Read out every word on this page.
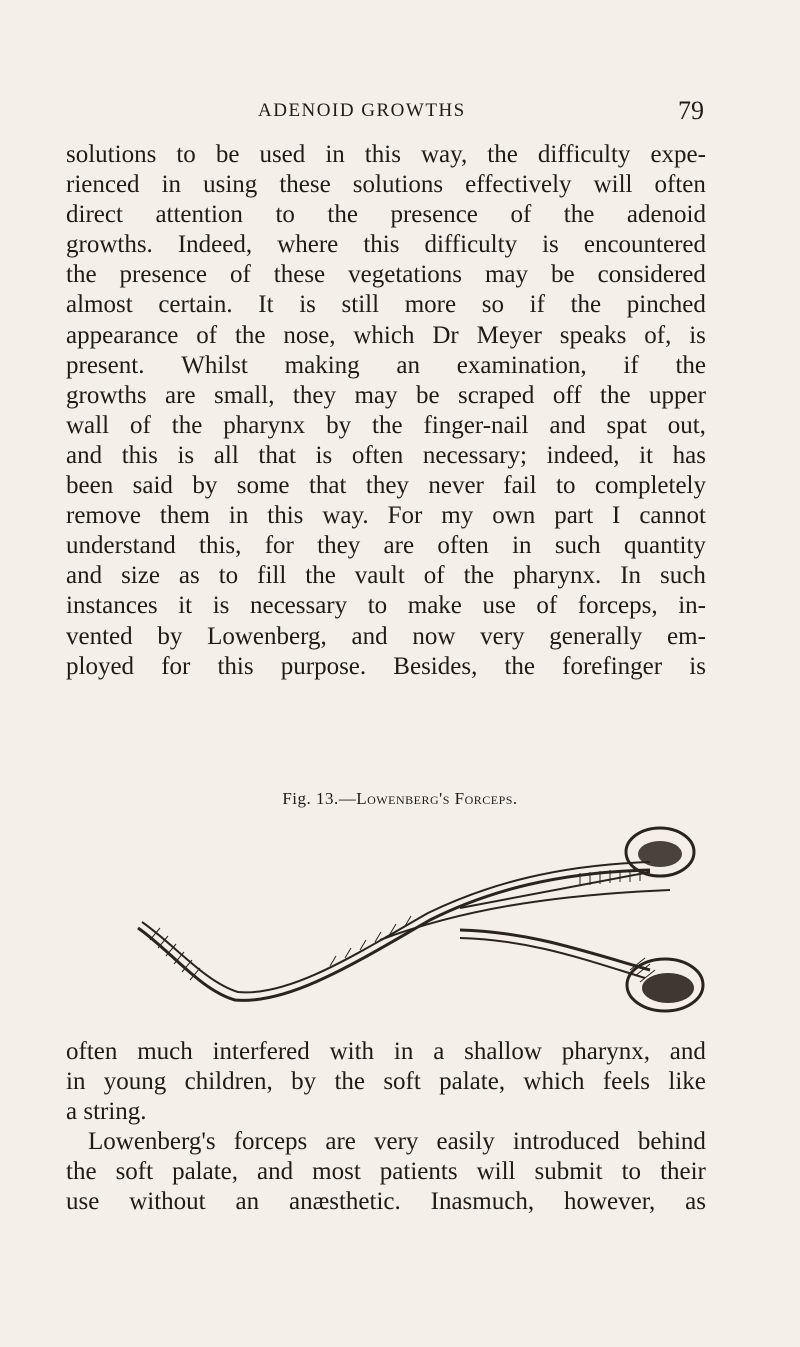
ADENOID GROWTHS	79
solutions to be used in this way, the difficulty expe-
rienced in using these solutions effectively will often
direct attention to the presence of the adenoid
growths. Indeed, where this difficulty is encountered
the presence of these vegetations may be considered
almost certain. It is still more so if the pinched
appearance of the nose, which Dr Meyer speaks of, is
present. Whilst making an examination, if the
growths are small, they may be scraped off the upper
wall of the pharynx by the finger-nail and spat out,
and this is all that is often necessary; indeed, it has
been said by some that they never fail to completely
remove them in this way. For my own part I cannot
understand this, for they are often in such quantity
and size as to fill the vault of the pharynx. In such
instances it is necessary to make use of forceps, in-
vented by Lowenberg, and now very generally em-
ployed for this purpose. Besides, the forefinger is
Fig. 13.—Lowenberg's Forceps.
often much interfered with in a shallow pharynx, and
in young children, by the soft palate, which feels like
a string.
Lowenberg's forceps are very easily introduced behind
the soft palate, and most patients will submit to their
use without an anæsthetic. Inasmuch, however, as
